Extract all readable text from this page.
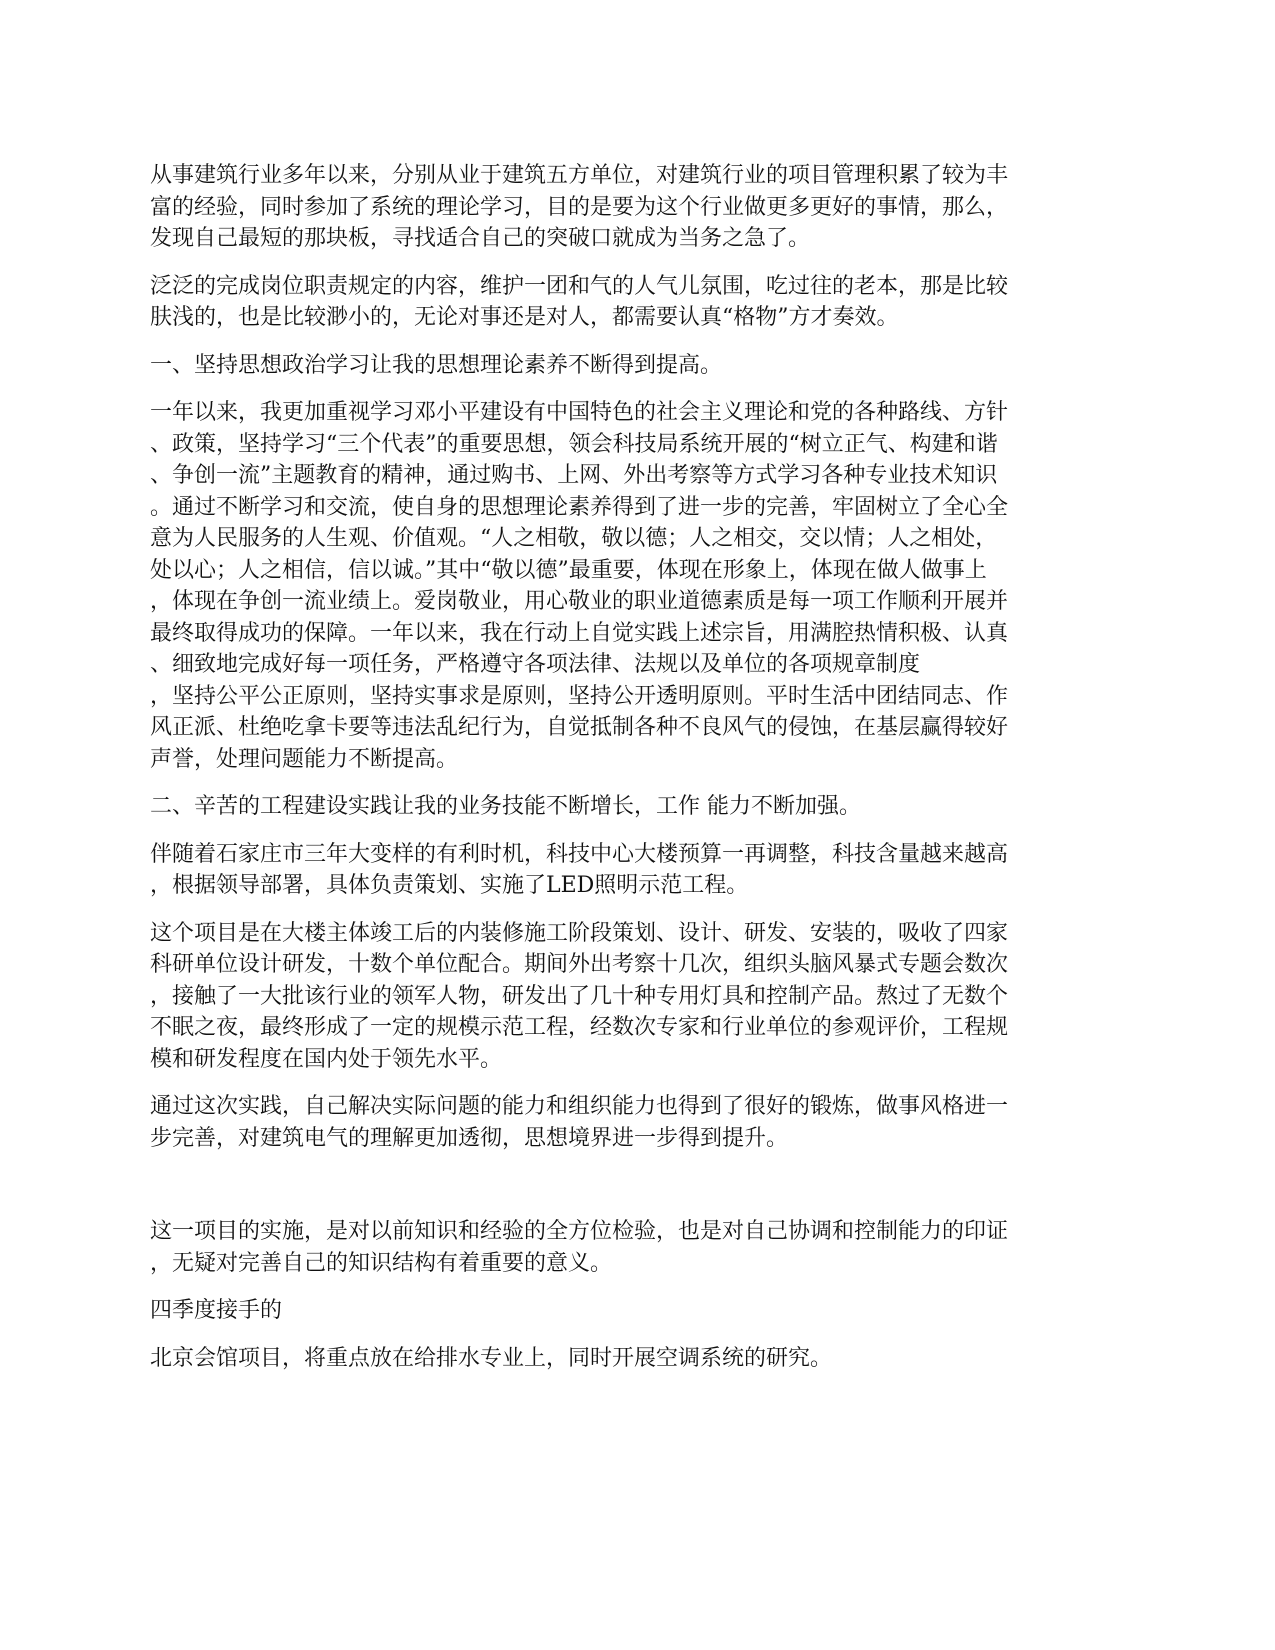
从事建筑行业多年以来，分别从业于建筑五方单位，对建筑行业的项目管理积累了较为丰
富的经验，同时参加了系统的理论学习，目的是要为这个行业做更多更好的事情，那么，
发现自己最短的那块板，寻找适合自己的突破口就成为当务之急了。

泛泛的完成岗位职责规定的内容，维护一团和气的人气儿氛围，吃过往的老本，那是比较
肤浅的，也是比较渺小的，无论对事还是对人，都需要认真“格物”方才奏效。

一、坚持思想政治学习让我的思想理论素养不断得到提高。

一年以来，我更加重视学习邓小平建设有中国特色的社会主义理论和党的各种路线、方针
、政策，坚持学习“三个代表”的重要思想，领会科技局系统开展的“树立正气、构建和谐
、争创一流”主题教育的精神，通过购书、上网、外出考察等方式学习各种专业技术知识
。通过不断学习和交流，使自身的思想理论素养得到了进一步的完善，牢固树立了全心全
意为人民服务的人生观、价值观。“人之相敬，敬以德；人之相交，交以情；人之相处，
处以心；人之相信，信以诚。”其中“敬以德”最重要，体现在形象上，体现在做人做事上
，体现在争创一流业绩上。爱岗敬业，用心敬业的职业道德素质是每一项工作顺利开展并
最终取得成功的保障。一年以来，我在行动上自觉实践上述宗旨，用满腔热情积极、认真
、细致地完成好每一项任务，严格遵守各项法律、法规以及单位的各项规章制度
，坚持公平公正原则，坚持实事求是原则，坚持公开透明原则。平时生活中团结同志、作
风正派、杜绝吃拿卡要等违法乱纪行为，自觉抵制各种不良风气的侵蚀，在基层赢得较好
声誉，处理问题能力不断提高。

二、辛苦的工程建设实践让我的业务技能不断增长，工作 能力不断加强。

伴随着石家庄市三年大变样的有利时机，科技中心大楼预算一再调整，科技含量越来越高
，根据领导部署，具体负责策划、实施了LED照明示范工程。

这个项目是在大楼主体竣工后的内装修施工阶段策划、设计、研发、安装的，吸收了四家
科研单位设计研发，十数个单位配合。期间外出考察十几次，组织头脑风暴式专题会数次
，接触了一大批该行业的领军人物，研发出了几十种专用灯具和控制产品。熬过了无数个
不眠之夜，最终形成了一定的规模示范工程，经数次专家和行业单位的参观评价，工程规
模和研发程度在国内处于领先水平。

通过这次实践，自己解决实际问题的能力和组织能力也得到了很好的锻炼，做事风格进一
步完善，对建筑电气的理解更加透彻，思想境界进一步得到提升。

这一项目的实施，是对以前知识和经验的全方位检验，也是对自己协调和控制能力的印证
，无疑对完善自己的知识结构有着重要的意义。

四季度接手的

北京会馆项目，将重点放在给排水专业上，同时开展空调系统的研究。
